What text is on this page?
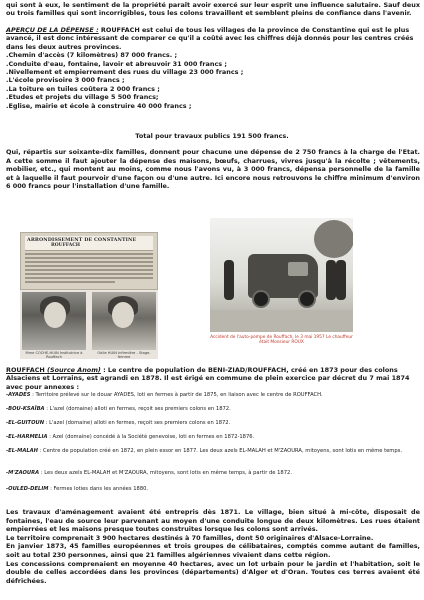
qui sont à eux, le sentiment de la propriété paraît avoir exercé sur leur esprit une influence salutaire. Sauf deux ou trois familles qui sont incorrigibles, tous les colons travaillent et semblent pleins de confiance dans l'avenir.

APERÇU DE LA DÉPENSE : ROUFFACH est celui de tous les villages de la province de Constantine qui est le plus avancé, il est donc intéressant de comparer ce qu'il a coûté avec les chiffres déjà donnés pour les centres créés dans les deux autres provinces.

.Chemin d'accès (7 kilomètres) 87 000 francs. ;

.Conduite d'eau, fontaine, lavoir et abreuvoir 31 000 francs ;

.Nivellement et empierrement des rues du village 23 000 francs ;

.L'école provisoire 3 000 francs ;

.La toiture en tuiles coûtera 2 000 francs ;

.Etudes et projets du village 5 500 francs;

.Eglise, mairie et école à construire 40 000 francs ;

Total pour travaux publics 191 500 francs.
Qui, répartis sur soixante-dix familles, donnent pour chacune une dépense de 2 750 francs à la charge de l'Etat. A cette somme il faut ajouter la dépense des maisons, bœufs, charrues, vivres jusqu'à la récolte ; vêtements, mobilier, etc., qui montent au moins, comme nous l'avons vu, à 3 000 francs, dépensa personnelle de la famille et à laquelle il faut pourvoir d'une façon ou d'une autre. Ici encore nous retrouvons le chiffre minimum d'environ 6 000 francs pour l'installation d'une famille.
ARRONDISSEMENT DE CONSTANTINE
ROUFFACH
Mme COCHE-HUIN Institutrice à Rouffach
Odile HUIN Infirmière - Stage-femme
Accident de l'auto-pompe de Rouffach, le 3 mai 1957 Le chauffeur était Monsieur ROUX
ROUFFACH (Source Anom) : Le centre de population de BENI-ZIAD/ROUFFACH, créé en 1873 pour des colons Alsaciens et Lorrains, est agrandi en 1878. Il est érigé en commune de plein exercice par décret du 7 mai 1874 avec pour annexes :
-AYADES : Territoire prélevé sur le douar AYADES, loti en fermes à partir de 1875, en liaison avec le centre de ROUFFACH.
-BOU-KSAÏBA : L'azel (domaine) alloti en fermes, reçoit ses premiers colons en 1872.
-EL-GUITOUN : L'azel (domaine) alloti en fermes, reçoit ses premiers colons en 1872.
-EL-HARMELIA : Azel (domaine) concédé à la Société genevoise, loti en fermes en 1872-1876.
-EL-MALAH : Centre de population créé en 1872, en plein essor en 1877. Les deux azels EL-MALAH et M'ZAOURA, mitoyens, sont lotis en même temps.
-M'ZAOURA : Les deux azels EL-MALAH et M'ZAOURA, mitoyens, sont lotis en même temps, à partir de 1872.
-OULED-DELIM : Fermes loties dans les années 1880.

Les travaux d'aménagement avaient été entrepris dès 1871. Le village, bien situé à mi-côte, disposait de fontaines, l'eau de source leur parvenant au moyen d'une conduite longue de deux kilomètres. Les rues étaient empierrées et les maisons presque toutes construites lorsque les colons sont arrivés.

Le territoire comprenait 3 900 hectares destinés à 70 familles, dont 50 originaires d'Alsace-Lorraine.

En janvier 1873, 45 familles européennes et trois groupes de célibataires, comptés comme autant de familles, soit au total 230 personnes, ainsi que 21 familles algériennes vivaient dans cette région.

Les concessions comprenaient en moyenne 40 hectares, avec un lot urbain pour le jardin et l'habitation, soit le double de celles accordées dans les provinces (départements) d'Alger et d'Oran. Toutes ces terres avaient été défrichées.
